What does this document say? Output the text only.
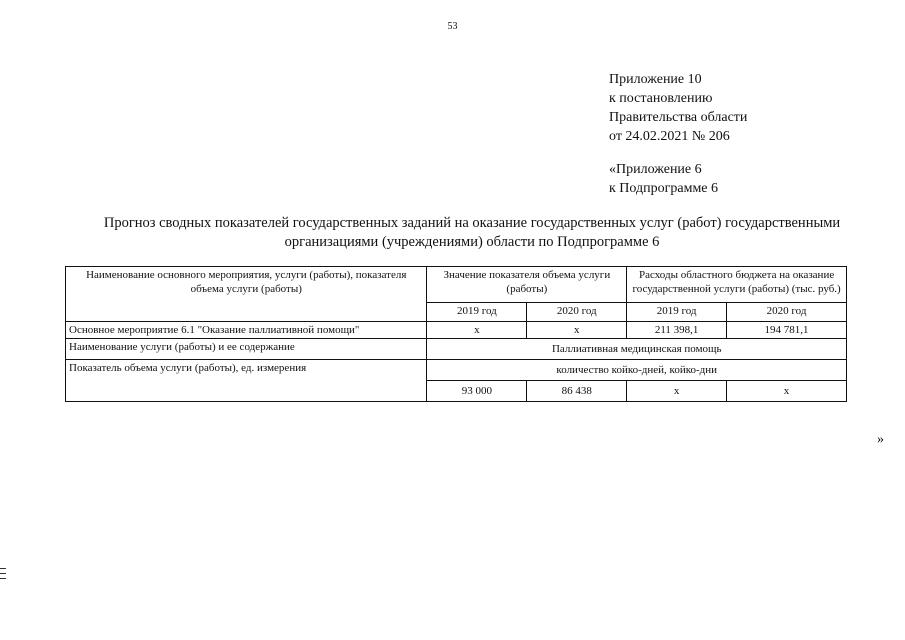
53
Приложение 10
к постановлению
Правительства области
от 24.02.2021 № 206
«Приложение 6
к Подпрограмме 6
Прогноз сводных показателей государственных заданий на оказание государственных услуг (работ) государственными организациями (учреждениями) области по Подпрограмме 6
Наименование основного мероприятия, услуги (работы), показателя объема услуги (работы)	Значение показателя объема услуги (работы)		Расходы областного бюджета на оказание государственной услуги (работы) (тыс. руб.)	
	2019 год	2020 год	2019 год	2020 год
Основное мероприятие 6.1 "Оказание паллиативной помощи"	х	х	211 398,1	194 781,1
Наименование услуги (работы) и ее содержание	Паллиативная медицинская помощь			
Показатель объема услуги (работы), ед. измерения	количество койко-дней, койко-дни			
	93 000	86 438	х	х
»
